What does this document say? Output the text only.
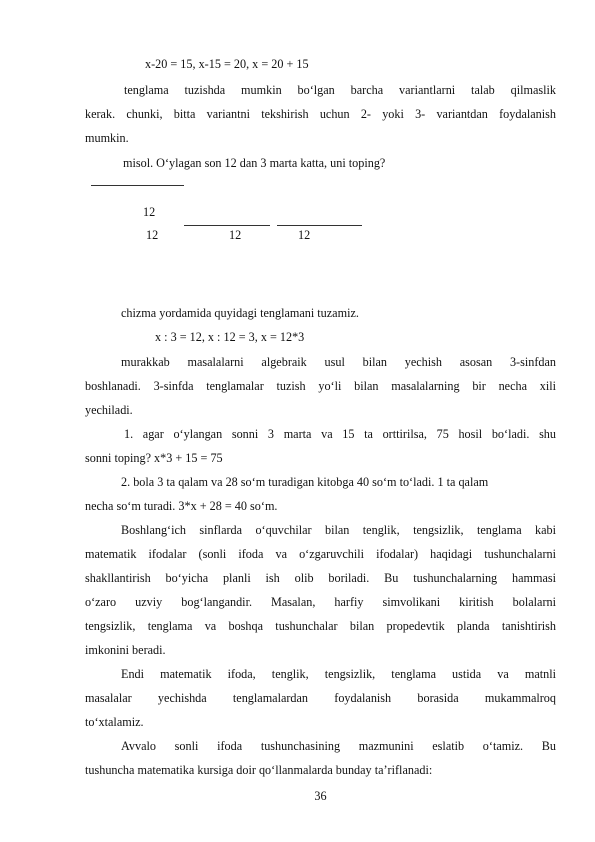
x-20 = 15, x-15 = 20, x = 20 + 15
tenglama tuzishda mumkin bo‘lgan barcha variantlarni talab qilmaslik
kerak. chunki, bitta variantni tekshirish uchun 2- yoki 3- variantdan foydalanish
mumkin.
misol. O‘ylagan son 12 dan 3 marta katta, uni toping?
12
12	12	12
chizma yordamida quyidagi tenglamani tuzamiz.
x : 3 = 12, x : 12 = 3, x = 12*3
murakkab masalalarni algebraik usul bilan yechish asosan 3-sinfdan
boshlanadi. 3-sinfda tenglamalar tuzish yo‘li bilan masalalarning bir necha xili
yechiladi.
1. agar o‘ylangan sonni 3 marta va 15 ta orttirilsa, 75 hosil bo‘ladi. shu
sonni toping? x*3 + 15 = 75
2. bola 3 ta qalam va 28 so‘m turadigan kitobga 40 so‘m to‘ladi. 1 ta qalam
necha so‘m turadi. 3*x + 28 = 40 so‘m.
Boshlang‘ich sinflarda o‘quvchilar bilan tenglik, tengsizlik, tenglama kabi
matematik ifodalar (sonli ifoda va o‘zgaruvchili ifodalar) haqidagi tushunchalarni
shakllantirish bo‘yicha planli ish olib boriladi. Bu tushunchalarning hammasi
o‘zaro uzviy bog‘langandir. Masalan, harfiy simvolikani kiritish bolalarni
tengsizlik, tenglama va boshqa tushunchalar bilan propedevtik planda tanishtirish
imkonini beradi.
Endi matematik ifoda, tenglik, tengsizlik, tenglama ustida va matnli
masalalar yechishda tenglamalardan foydalanish borasida mukammalroq
to‘xtalamiz.
Avvalo sonli ifoda tushunchasining mazmunini eslatib o‘tamiz. Bu
tushuncha matematika kursiga doir qo‘llanmalarda bunday ta’riflanadi:
36
